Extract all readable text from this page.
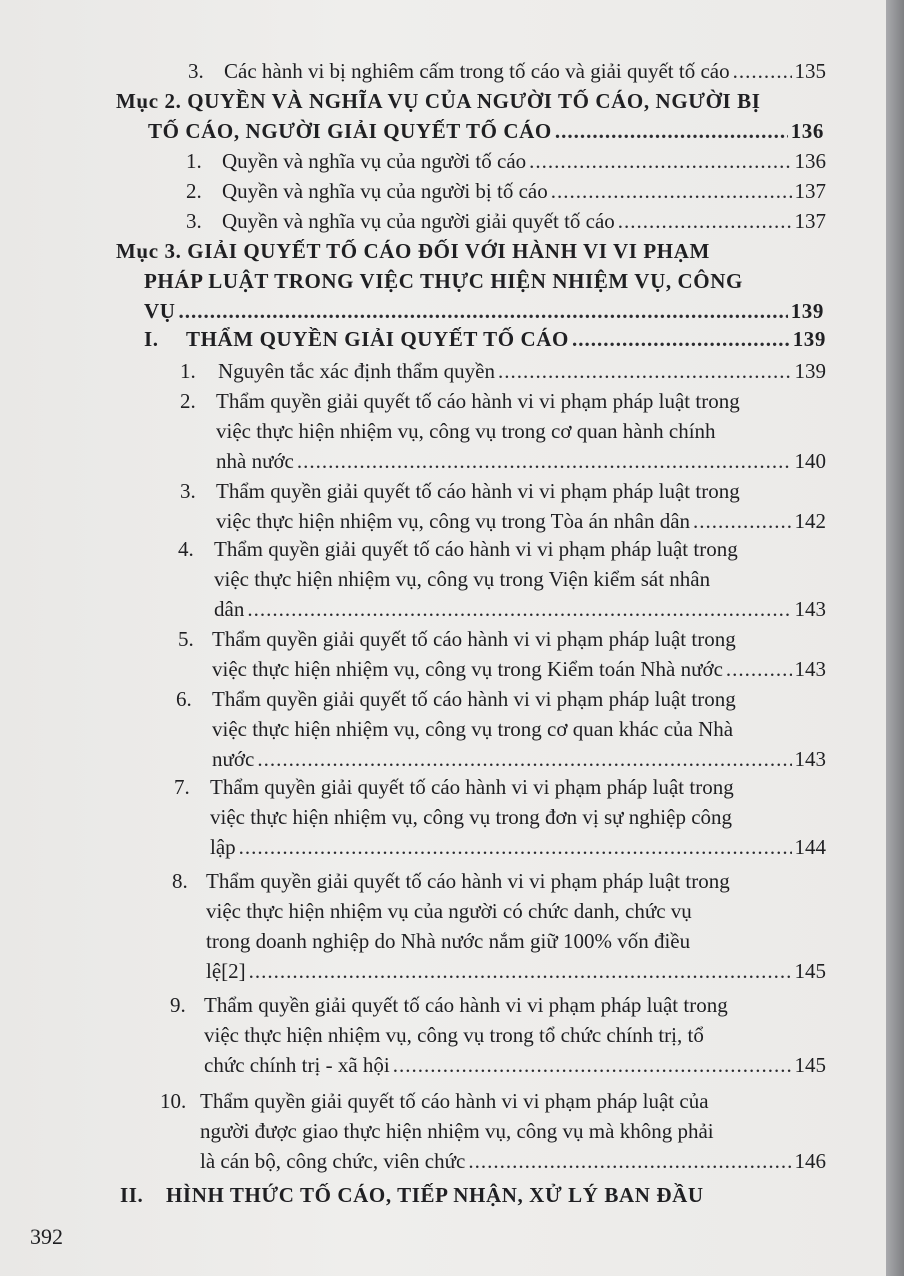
3. Các hành vi bị nghiêm cấm trong tố cáo và giải quyết tố cáo .....	135
Mục 2. QUYỀN VÀ NGHĨA VỤ CỦA NGƯỜI TỐ CÁO, NGƯỜI BỊ
TỐ CÁO, NGƯỜI GIẢI QUYẾT TỐ CÁO .....	136
1. Quyền và nghĩa vụ của người tố cáo .....	136
2. Quyền và nghĩa vụ của người bị tố cáo .....	137
3. Quyền và nghĩa vụ của người giải quyết tố cáo .....	137
Mục 3. GIẢI QUYẾT TỐ CÁO ĐỐI VỚI HÀNH VI VI PHẠM
PHÁP LUẬT TRONG VIỆC THỰC HIỆN NHIỆM VỤ, CÔNG
VỤ .....	139
I. THẨM QUYỀN GIẢI QUYẾT TỐ CÁO .....	139
1. Nguyên tắc xác định thẩm quyền .....	139
2. Thẩm quyền giải quyết tố cáo hành vi vi phạm pháp luật trong
việc thực hiện nhiệm vụ, công vụ trong cơ quan hành chính
nhà nước .....	140
3. Thẩm quyền giải quyết tố cáo hành vi vi phạm pháp luật trong
việc thực hiện nhiệm vụ, công vụ trong Tòa án nhân dân .....	142
4. Thẩm quyền giải quyết tố cáo hành vi vi phạm pháp luật trong
việc thực hiện nhiệm vụ, công vụ trong Viện kiểm sát nhân
dân .....	143
5. Thẩm quyền giải quyết tố cáo hành vi vi phạm pháp luật trong
việc thực hiện nhiệm vụ, công vụ trong Kiểm toán Nhà nước .....	143
6. Thẩm quyền giải quyết tố cáo hành vi vi phạm pháp luật trong
việc thực hiện nhiệm vụ, công vụ trong cơ quan khác của Nhà
nước .....	143
7. Thẩm quyền giải quyết tố cáo hành vi vi phạm pháp luật trong
việc thực hiện nhiệm vụ, công vụ trong đơn vị sự nghiệp công
lập .....	144
8. Thẩm quyền giải quyết tố cáo hành vi vi phạm pháp luật trong
việc thực hiện nhiệm vụ của người có chức danh, chức vụ
trong doanh nghiệp do Nhà nước nắm giữ 100% vốn điều
lệ[2] .....	145
9. Thẩm quyền giải quyết tố cáo hành vi vi phạm pháp luật trong
việc thực hiện nhiệm vụ, công vụ trong tổ chức chính trị, tổ
chức chính trị - xã hội .....	145
10. Thẩm quyền giải quyết tố cáo hành vi vi phạm pháp luật của
người được giao thực hiện nhiệm vụ, công vụ mà không phải
là cán bộ, công chức, viên chức .....	146
II. HÌNH THỨC TỐ CÁO, TIẾP NHẬN, XỬ LÝ BAN ĐẦU
392
